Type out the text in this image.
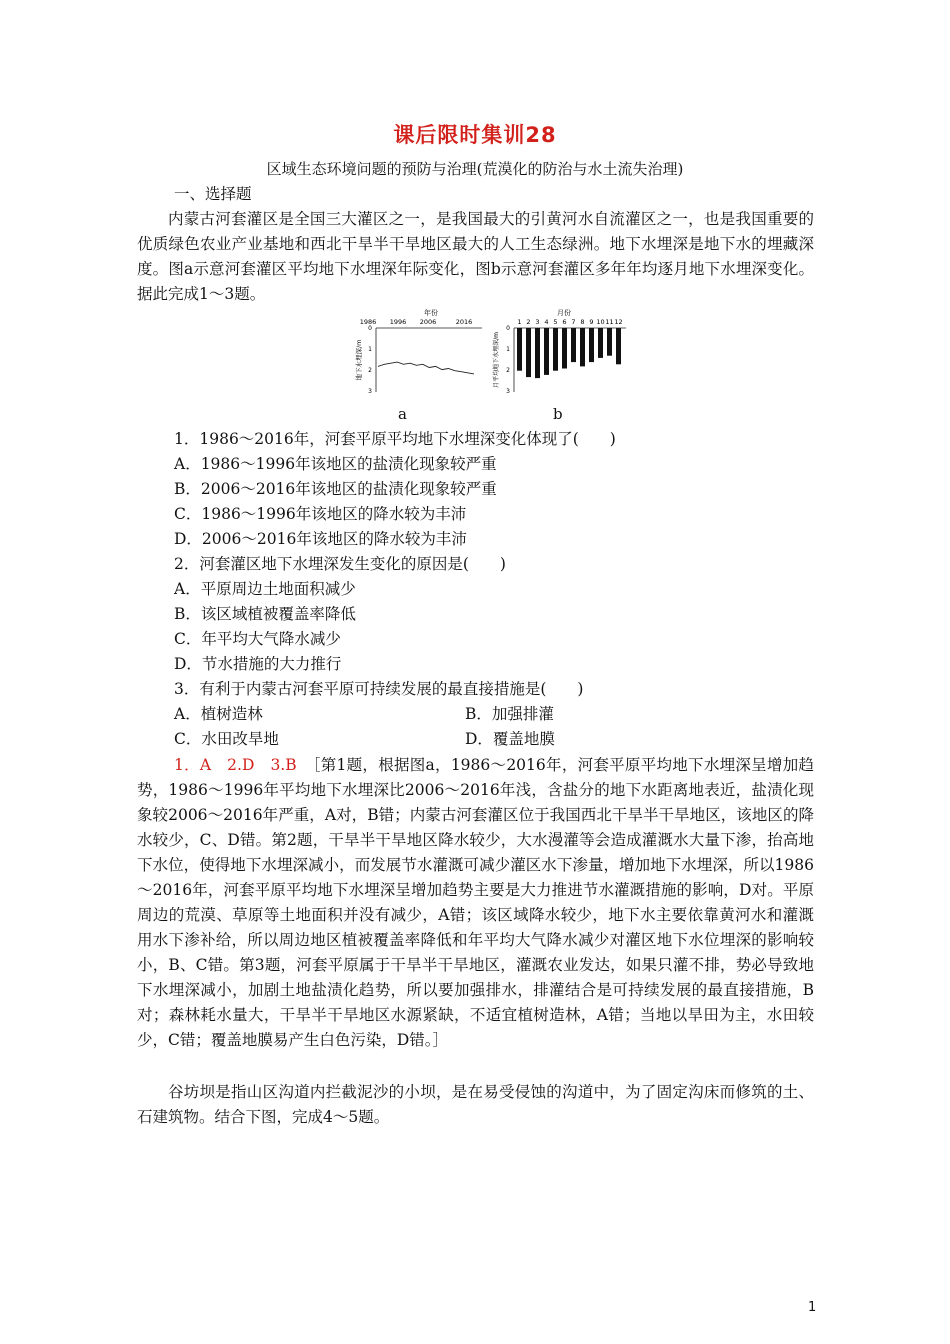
课后限时集训28
区域生态环境问题的预防与治理(荒漠化的防治与水土流失治理)
一、选择题
内蒙古河套灌区是全国三大灌区之一，是我国最大的引黄河水自流灌区之一，也是我国重要的优质绿色农业产业基地和西北干旱半干旱地区最大的人工生态绿洲。地下水埋深是地下水的埋藏深度。图a示意河套灌区平均地下水埋深年际变化，图b示意河套灌区多年年均逐月地下水埋深变化。据此完成1～3题。
年份
1986 1996 2006	2016
地下水埋深/m
0
1
2
3
月份
月平均地下水埋深/m
0
1
2
3
1 2 3 4 5 6 7 8 9 10 11 12
a	b
1．1986～2016年，河套平原平均地下水埋深变化体现了(　　)
A．1986～1996年该地区的盐渍化现象较严重
B．2006～2016年该地区的盐渍化现象较严重
C．1986～1996年该地区的降水较为丰沛
D．2006～2016年该地区的降水较为丰沛
2．河套灌区地下水埋深发生变化的原因是(　　)
A．平原周边土地面积减少
B．该区域植被覆盖率降低
C．年平均大气降水减少
D．节水措施的大力推行
3．有利于内蒙古河套平原可持续发展的最直接措施是(　　)
A．植树造林	B．加强排灌
C．水田改旱地	D．覆盖地膜
1．A　2.D　3.B　 ［第1题，根据图a，1986～2016年，河套平原平均地下水埋深呈增加趋势，1986～1996年平均地下水埋深比2006～2016年浅，含盐分的地下水距离地表近，盐渍化现象较2006～2016年严重，A对，B错；内蒙古河套灌区位于我国西北干旱半干旱地区，该地区的降水较少，C、D错。第2题，干旱半干旱地区降水较少，大水漫灌等会造成灌溉水大量下渗，抬高地下水位，使得地下水埋深减小，而发展节水灌溉可减少灌区水下渗量，增加地下水埋深，所以1986～2016年，河套平原平均地下水埋深呈增加趋势主要是大力推进节水灌溉措施的影响，D对。平原周边的荒漠、草原等土地面积并没有减少，A错；该区域降水较少，地下水主要依靠黄河水和灌溉用水下渗补给，所以周边地区植被覆盖率降低和年平均大气降水减少对灌区地下水位埋深的影响较小，B、C错。第3题，河套平原属于干旱半干旱地区，灌溉农业发达，如果只灌不排，势必导致地下水埋深减小，加剧土地盐渍化趋势，所以要加强排水，排灌结合是可持续发展的最直接措施，B对；森林耗水量大，干旱半干旱地区水源紧缺，不适宜植树造林，A错；当地以旱田为主，水田较少，C错；覆盖地膜易产生白色污染，D错。］
谷坊坝是指山区沟道内拦截泥沙的小坝，是在易受侵蚀的沟道中，为了固定沟床而修筑的土、石建筑物。结合下图，完成4～5题。
1
